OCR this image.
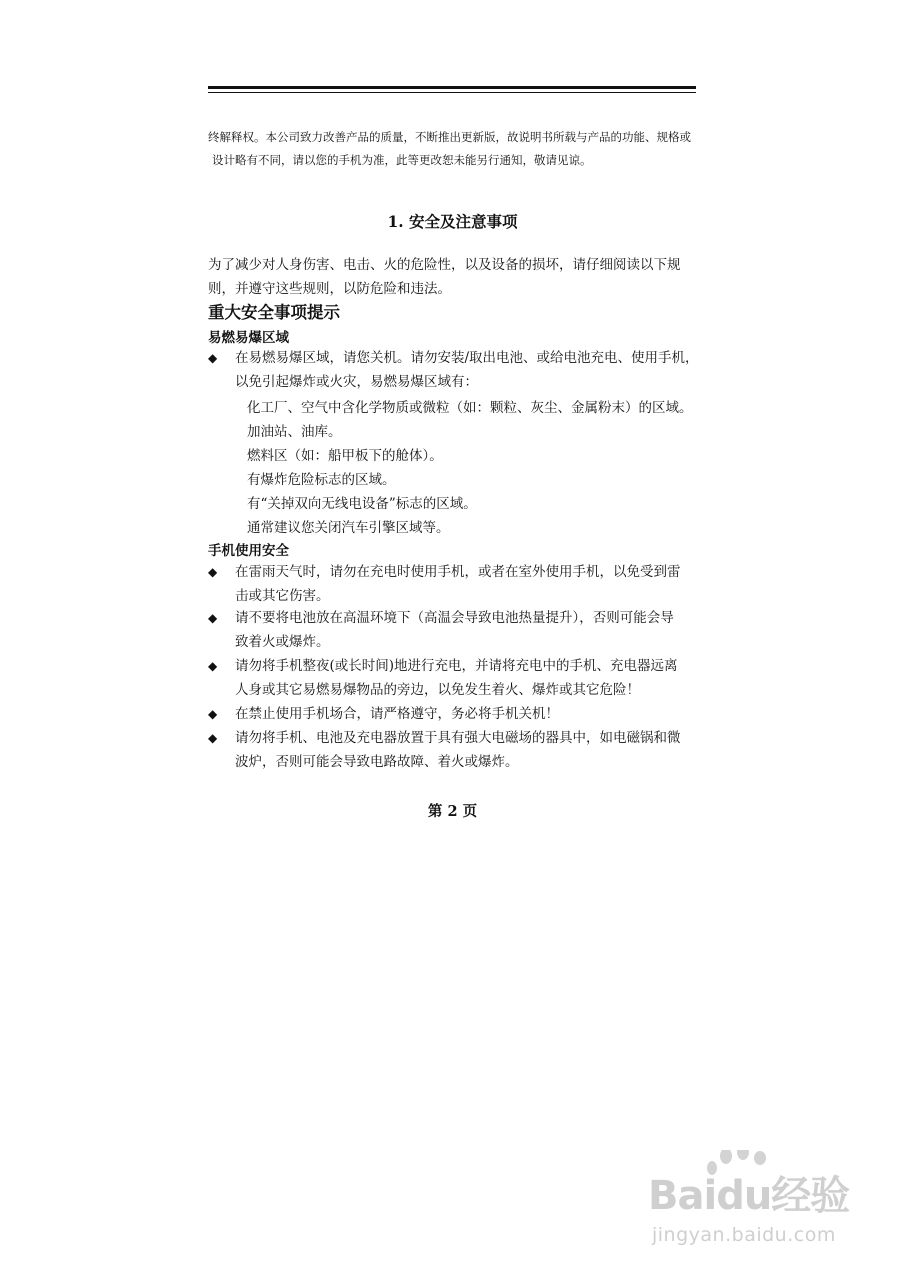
终解释权。本公司致力改善产品的质量，不断推出更新版，故说明书所载与产品的功能、规格或
设计略有不同，请以您的手机为准，此等更改恕未能另行通知，敬请见谅。
1. 安全及注意事项
为了减少对人身伤害、电击、火的危险性，以及设备的损坏，请仔细阅读以下规
则，并遵守这些规则，以防危险和违法。
重大安全事项提示
易燃易爆区域
◆ 在易燃易爆区域，请您关机。请勿安装/取出电池、或给电池充电、使用手机，
以免引起爆炸或火灾，易燃易爆区域有：
化工厂、空气中含化学物质或微粒（如：颗粒、灰尘、金属粉末）的区域。
加油站、油库。
燃料区（如：船甲板下的舱体）。
有爆炸危险标志的区域。
有“关掉双向无线电设备”标志的区域。
通常建议您关闭汽车引擎区域等。
手机使用安全
◆ 在雷雨天气时，请勿在充电时使用手机，或者在室外使用手机，以免受到雷
击或其它伤害。
◆ 请不要将电池放在高温环境下（高温会导致电池热量提升），否则可能会导
致着火或爆炸。
◆ 请勿将手机整夜(或长时间)地进行充电，并请将充电中的手机、充电器远离
人身或其它易燃易爆物品的旁边，以免发生着火、爆炸或其它危险！
◆ 在禁止使用手机场合，请严格遵守，务必将手机关机！
◆ 请勿将手机、电池及充电器放置于具有强大电磁场的器具中，如电磁锅和微
波炉，否则可能会导致电路故障、着火或爆炸。
第 2 页
Baidu经验
jingyan.baidu.com
